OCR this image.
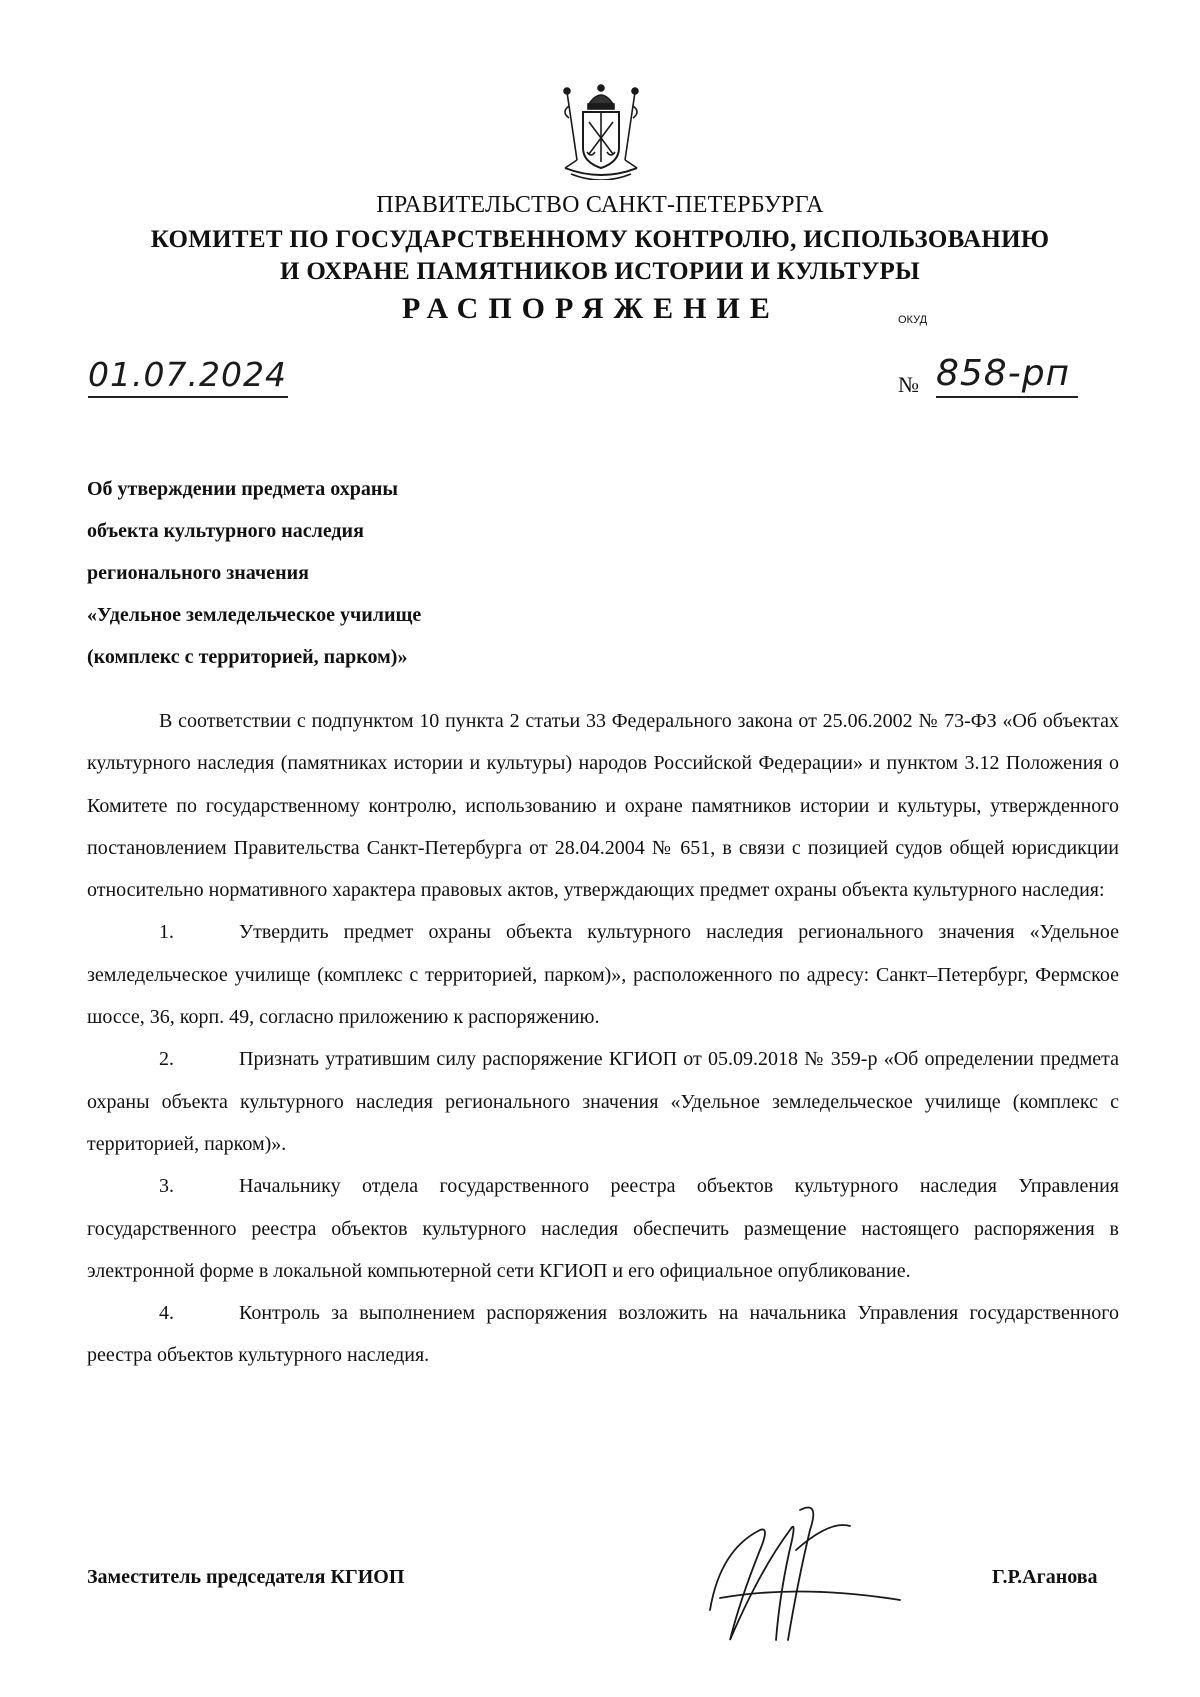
ПРАВИТЕЛЬСТВО САНКТ-ПЕТЕРБУРГА
КОМИТЕТ ПО ГОСУДАРСТВЕННОМУ КОНТРОЛЮ, ИСПОЛЬЗОВАНИЮ
И ОХРАНЕ ПАМЯТНИКОВ ИСТОРИИ И КУЛЬТУРЫ
РАСПОРЯЖЕНИЕ	ОКУД
01.07.2024	№ 858-рп
Об утверждении предмета охраны
объекта культурного наследия
регионального значения
«Удельное земледельческое училище
(комплекс с территорией, парком)»

В соответствии с подпунктом 10 пункта 2 статьи 33 Федерального закона от 25.06.2002 № 73-ФЗ «Об объектах культурного наследия (памятниках истории и культуры) народов Российской Федерации» и пунктом 3.12 Положения о Комитете по государственному контролю, использованию и охране памятников истории и культуры, утвержденного постановлением Правительства Санкт-Петербурга от 28.04.2004 № 651, в связи с позицией судов общей юрисдикции относительно нормативного характера правовых актов, утверждающих предмет охраны объекта культурного наследия:

1.	Утвердить предмет охраны объекта культурного наследия регионального значения «Удельное земледельческое училище (комплекс с территорией, парком)», расположенного по адресу: Санкт–Петербург, Фермское шоссе, 36, корп. 49, согласно приложению к распоряжению.

2.	Признать утратившим силу распоряжение КГИОП от 05.09.2018 № 359-р «Об определении предмета охраны объекта культурного наследия регионального значения «Удельное земледельческое училище (комплекс с территорией, парком)».

3.	Начальнику отдела государственного реестра объектов культурного наследия Управления государственного реестра объектов культурного наследия обеспечить размещение настоящего распоряжения в электронной форме в локальной компьютерной сети КГИОП и его официальное опубликование.

4.	Контроль за выполнением распоряжения возложить на начальника Управления государственного реестра объектов культурного наследия.

Заместитель председателя КГИОП	Г.Р.Аганова
